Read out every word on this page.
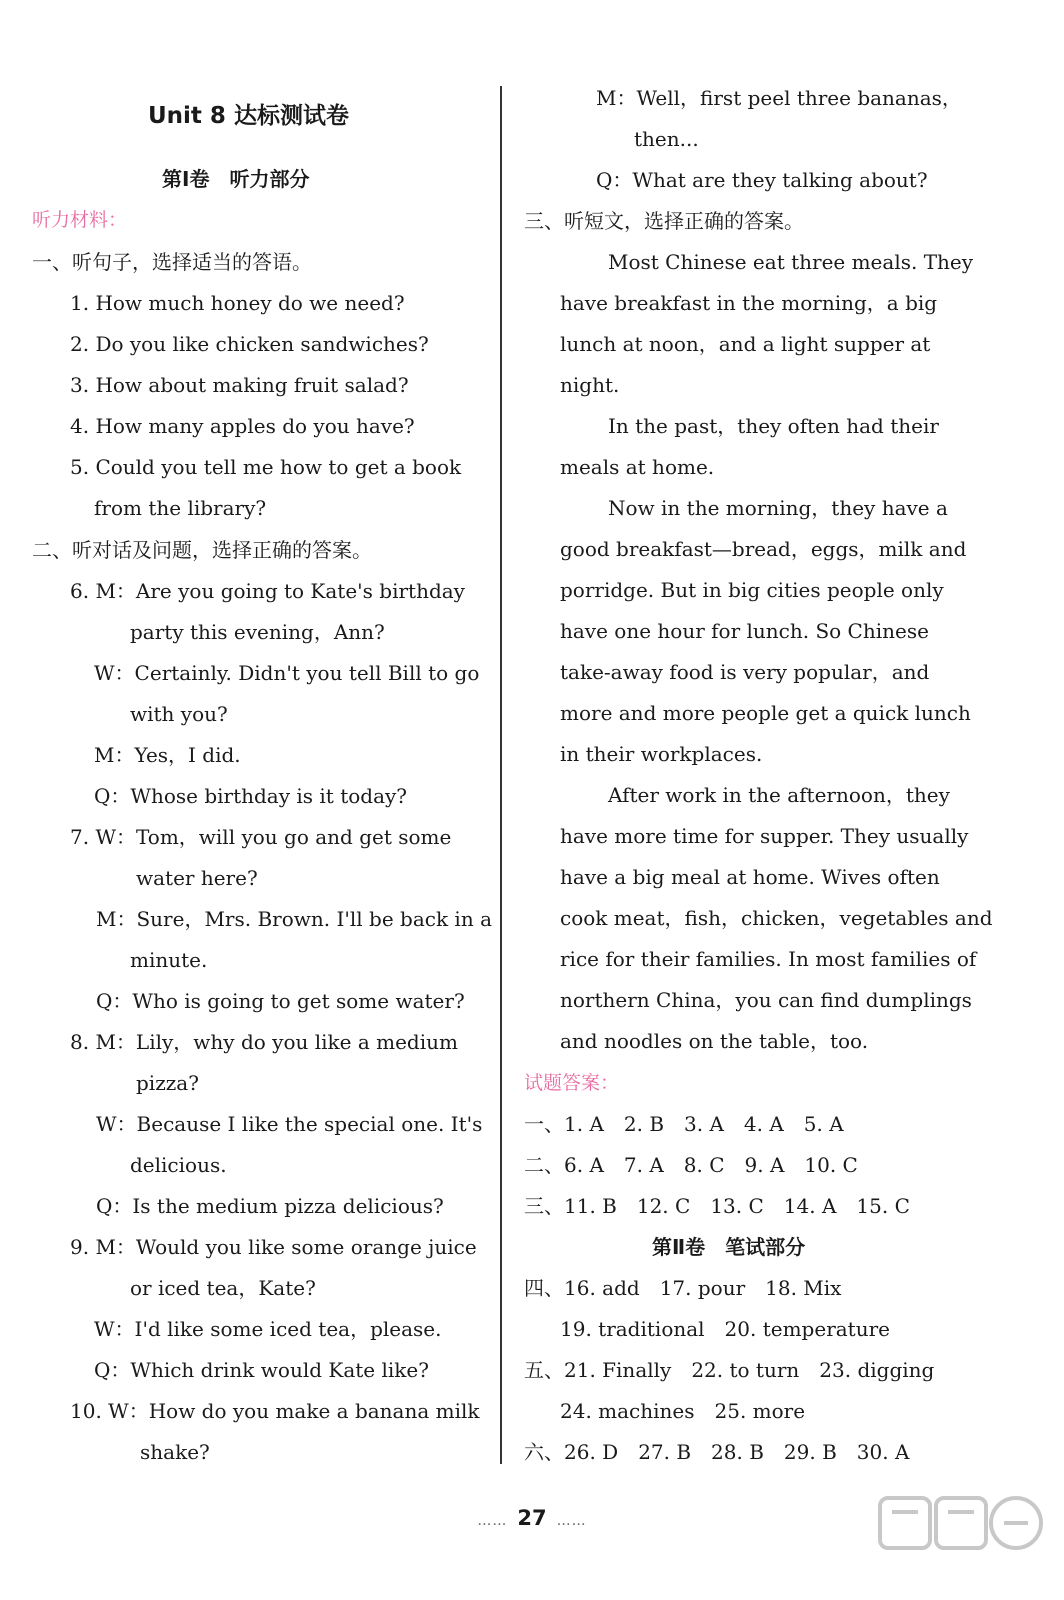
Unit 8 达标测试卷
第Ⅰ卷　听力部分
听力材料：
一、听句子，选择适当的答语。
1. How much honey do we need?
2. Do you like chicken sandwiches?
3. How about making fruit salad?
4. How many apples do you have?
5. Could you tell me how to get a book
from the library?
二、听对话及问题，选择正确的答案。
6. M：Are you going to Kate's birthday
party this evening，Ann?
W：Certainly. Didn't you tell Bill to go
with you?
M：Yes，I did.
Q：Whose birthday is it today?
7. W：Tom，will you go and get some
water here?
M：Sure，Mrs. Brown. I'll be back in a
minute.
Q：Who is going to get some water?
8. M：Lily，why do you like a medium
pizza?
W：Because I like the special one. It's
delicious.
Q：Is the medium pizza delicious?
9. M：Would you like some orange juice
or iced tea，Kate?
W：I'd like some iced tea，please.
Q：Which drink would Kate like?
10. W：How do you make a banana milk
shake?
M：Well，first peel three bananas，
then...
Q：What are they talking about?
三、听短文，选择正确的答案。
Most Chinese eat three meals. They
have breakfast in the morning，a big
lunch at noon，and a light supper at
night.
In the past，they often had their
meals at home.
Now in the morning，they have a
good breakfast—bread，eggs，milk and
porridge. But in big cities people only
have one hour for lunch. So Chinese
take-away food is very popular，and
more and more people get a quick lunch
in their workplaces.
After work in the afternoon，they
have more time for supper. They usually
have a big meal at home. Wives often
cook meat，fish，chicken，vegetables and
rice for their families. In most families of
northern China，you can find dumplings
and noodles on the table，too.
试题答案：
一、1. A　2. B　3. A　4. A　5. A
二、6. A　7. A　8. C　9. A　10. C
三、11. B　12. C　13. C　14. A　15. C
第Ⅱ卷　笔试部分
四、16. add　17. pour　18. Mix
19. traditional　20. temperature
五、21. Finally　22. to turn　23. digging
24. machines　25. more
六、26. D　27. B　28. B　29. B　30. A
…… 27 ……
